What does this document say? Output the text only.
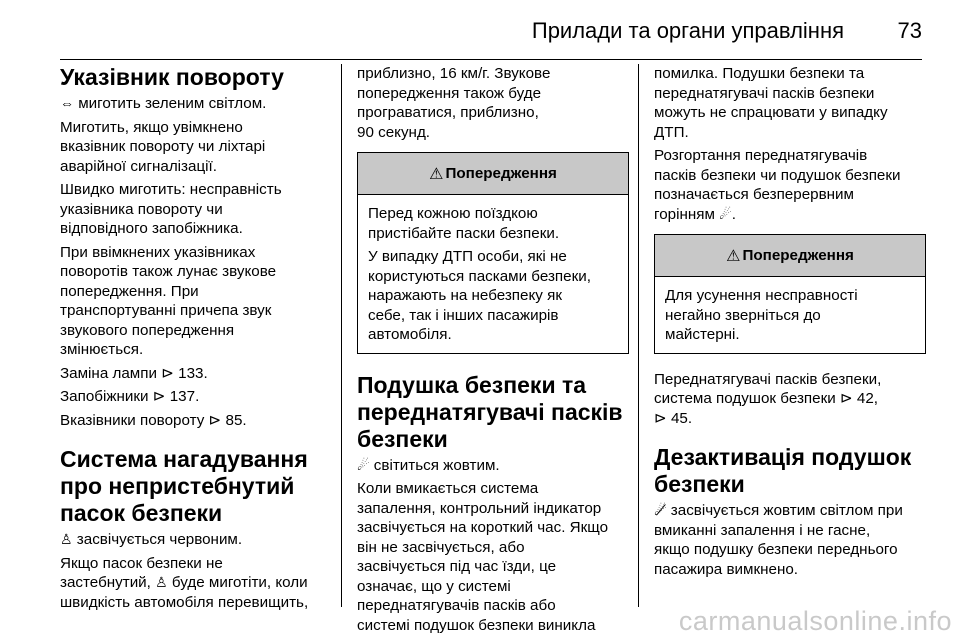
Прилади та органи управління 73
Указівник повороту

⇔ миготить зеленим світлом.

Миготить, якщо увімкнено
вказівник повороту чи ліхтарі
аварійної сигналізації.

Швидко миготить: несправність
указівника повороту чи
відповідного запобіжника.

При ввімкнених указівниках
поворотів також лунає звукове
попередження. При
транспортуванні причепа звук
звукового попередження
змінюється.

Заміна лампи ⊳ 133.

Запобіжники ⊳ 137.

Вказівники повороту ⊳ 85.

Система нагадування
про непристебнутий
пасок безпеки

♙ засвічується червоним.

Якщо пасок безпеки не
застебнутий, ♙ буде миготіти, коли
швидкість автомобіля перевищить,

приблизно, 16 км/г. Звукове
попередження також буде
програватися, приблизно,
90 секунд.

⚠ Попередження

Перед кожною поїздкою
пристібайте паски безпеки.

У випадку ДТП особи, які не
користуються пасками безпеки,
наражають на небезпеку як
себе, так і інших пасажирів
автомобіля.

Подушка безпеки та
переднатягувачі пасків
безпеки

☄ світиться жовтим.

Коли вмикається система
запалення, контрольний індикатор
засвічується на короткий час. Якщо
він не засвічується, або
засвічується під час їзди, це
означає, що у системі
переднатягувачів пасків або
системі подушок безпеки виникла

помилка. Подушки безпеки та
переднатягувачі пасків безпеки
можуть не спрацювати у випадку
ДТП.

Розгортання переднатягувачів
пасків безпеки чи подушок безпеки
позначається безперервним
горінням ☄.

⚠ Попередження

Для усунення несправності
негайно зверніться до
майстерні.

Переднатягувачі пасків безпеки,
система подушок безпеки ⊳ 42,
⊳ 45.

Дезактивація подушок
безпеки

☄̸ засвічується жовтим світлом при
вмиканні запалення і не гасне,
якщо подушку безпеки переднього
пасажира вимкнено.

carmanualsonline.info
